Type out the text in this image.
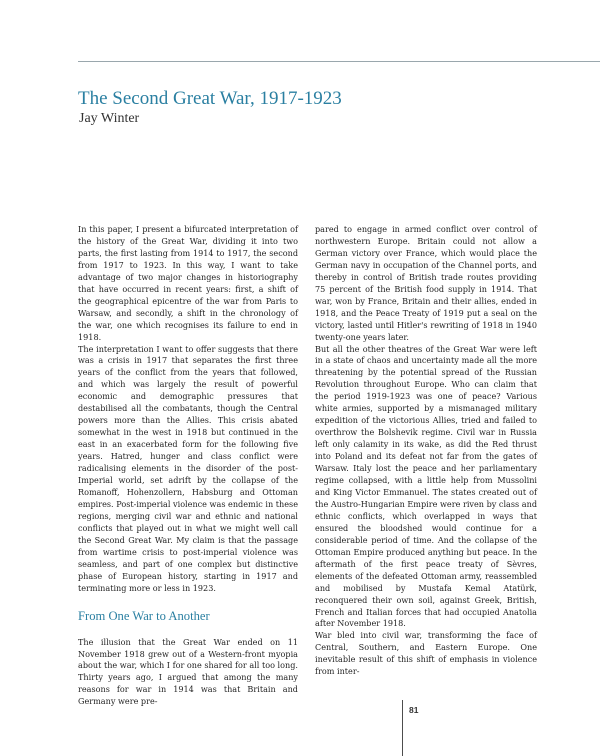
The Second Great War, 1917-1923
Jay Winter

In this paper, I present a bifurcated interpretation of the history of the Great War, dividing it into two parts, the first lasting from 1914 to 1917, the second from 1917 to 1923. In this way, I want to take advantage of two major changes in historiography that have occurred in recent years: first, a shift of the geographical epicentre of the war from Paris to Warsaw, and secondly, a shift in the chronology of the war, one which recognises its failure to end in 1918.

The interpretation I want to offer suggests that there was a crisis in 1917 that separates the first three years of the conflict from the years that followed, and which was largely the result of powerful economic and demographic pressures that destabilised all the combatants, though the Central powers more than the Allies. This crisis abated somewhat in the west in 1918 but continued in the east in an exacerbated form for the following five years. Hatred, hunger and class conflict were radicalising elements in the disorder of the post-Imperial world, set adrift by the collapse of the Romanoff, Hohenzollern, Habsburg and Ottoman empires. Post-imperial violence was endemic in these regions, merging civil war and ethnic and national conflicts that played out in what we might well call the Second Great War. My claim is that the passage from wartime crisis to post-imperial violence was seamless, and part of one complex but distinctive phase of European history, starting in 1917 and terminating more or less in 1923.

From One War to Another

The illusion that the Great War ended on 11 November 1918 grew out of a Western-front myopia about the war, which I for one shared for all too long. Thirty years ago, I argued that among the many reasons for war in 1914 was that Britain and Germany were pre-

pared to engage in armed conflict over control of northwestern Europe. Britain could not allow a German victory over France, which would place the German navy in occupation of the Channel ports, and thereby in control of British trade routes providing 75 percent of the British food supply in 1914. That war, won by France, Britain and their allies, ended in 1918, and the Peace Treaty of 1919 put a seal on the victory, lasted until Hitler's rewriting of 1918 in 1940 twenty-one years later.

But all the other theatres of the Great War were left in a state of chaos and uncertainty made all the more threatening by the potential spread of the Russian Revolution throughout Europe. Who can claim that the period 1919-1923 was one of peace? Various white armies, supported by a mismanaged military expedition of the victorious Allies, tried and failed to overthrow the Bolshevik regime. Civil war in Russia left only calamity in its wake, as did the Red thrust into Poland and its defeat not far from the gates of Warsaw. Italy lost the peace and her parliamentary regime collapsed, with a little help from Mussolini and King Victor Emmanuel. The states created out of the Austro-Hungarian Empire were riven by class and ethnic conflicts, which overlapped in ways that ensured the bloodshed would continue for a considerable period of time. And the collapse of the Ottoman Empire produced anything but peace. In the aftermath of the first peace treaty of Sèvres, elements of the defeated Ottoman army, reassembled and mobilised by Mustafa Kemal Atatürk, reconquered their own soil, against Greek, British, French and Italian forces that had occupied Anatolia after November 1918.

War bled into civil war, transforming the face of Central, Southern, and Eastern Europe. One inevitable result of this shift of emphasis in violence from inter-

81
